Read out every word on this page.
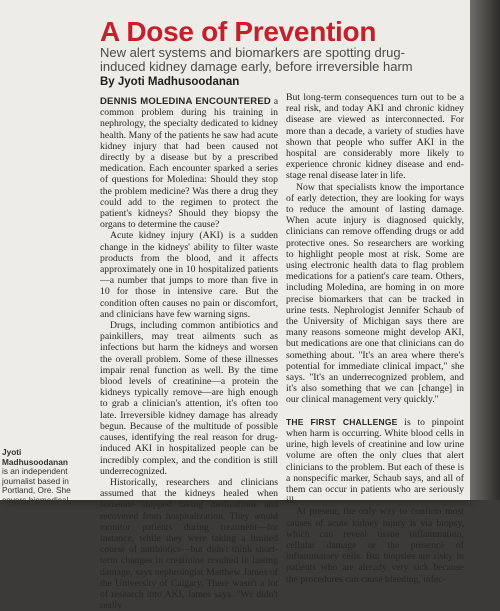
A Dose of Prevention
New alert systems and biomarkers are spotting drug-induced kidney damage early, before irreversible harm
By Jyoti Madhusoodanan

DENNIS MOLEDINA ENCOUNTERED a common problem during his training in nephrology, the specialty dedicated to kidney health. Many of the patients he saw had acute kidney injury that had been caused not directly by a disease but by a prescribed medication. Each encounter sparked a series of questions for Moledina: Should they stop the problem medicine? Was there a drug they could add to the regimen to protect the patient's kidneys? Should they biopsy the organs to determine the cause?

Acute kidney injury (AKI) is a sudden change in the kidneys' ability to filter waste products from the blood, and it affects approximately one in 10 hospitalized patients—a number that jumps to more than five in 10 for those in intensive care. But the condition often causes no pain or discomfort, and clinicians have few warning signs.

Drugs, including common antibiotics and painkillers, may treat ailments such as infections but harm the kidneys and worsen the overall problem. Some of these illnesses impair renal function as well. By the time blood levels of creatinine—a protein the kidneys typically remove—are high enough to grab a clinician's attention, it's often too late. Irreversible kidney damage has already begun. Because of the multitude of possible causes, identifying the real reason for drug-induced AKI in hospitalized people can be incredibly complex, and the condition is still underrecognized.

Historically, researchers and clinicians assumed that the kidneys healed when someone stopped taking medications and recovered from hospitalization. They would monitor patients during treatment—for instance, while they were taking a limited course of antibiotics—but didn't think short-term changes in creatinine resulted in lasting damage, says nephrologist Matthew James of the University of Calgary. There wasn't a lot of research into AKI, James says. "We didn't really

But long-term consequences turn out to be a real risk, and today AKI and chronic kidney disease are viewed as interconnected. For more than a decade, a variety of studies have shown that people who suffer AKI in the hospital are considerably more likely to experience chronic kidney disease and end-stage renal disease later in life.

Now that specialists know the importance of early detection, they are looking for ways to reduce the amount of lasting damage. When acute injury is diagnosed quickly, clinicians can remove offending drugs or add protective ones. So researchers are working to highlight people most at risk. Some are using electronic health data to flag problem medications for a patient's care team. Others, including Moledina, are homing in on more precise biomarkers that can be tracked in urine tests. Nephrologist Jennifer Schaub of the University of Michigan says there are many reasons someone might develop AKI, but medications are one that clinicians can do something about. "It's an area where there's potential for immediate clinical impact," she says. "It's an underrecognized problem, and it's also something that we can [change] in our clinical management very quickly."

THE FIRST CHALLENGE is to pinpoint when harm is occurring. White blood cells in urine, high levels of creatinine and low urine volume are often the only clues that alert clinicians to the problem. But each of these is a nonspecific marker, Schaub says, and all of them can occur in patients who are seriously ill.

At present, the only way to confirm most causes of acute kidney injury is via biopsy, which can reveal tissue inflammation, cellular damage or the presence of inflammatory cells. But biopsies are risky in patients who are already very sick because the procedures can cause bleeding, infec-

Jyoti Madhusoodanan
is an independent journalist based in Portland, Ore. She covers biomedical
